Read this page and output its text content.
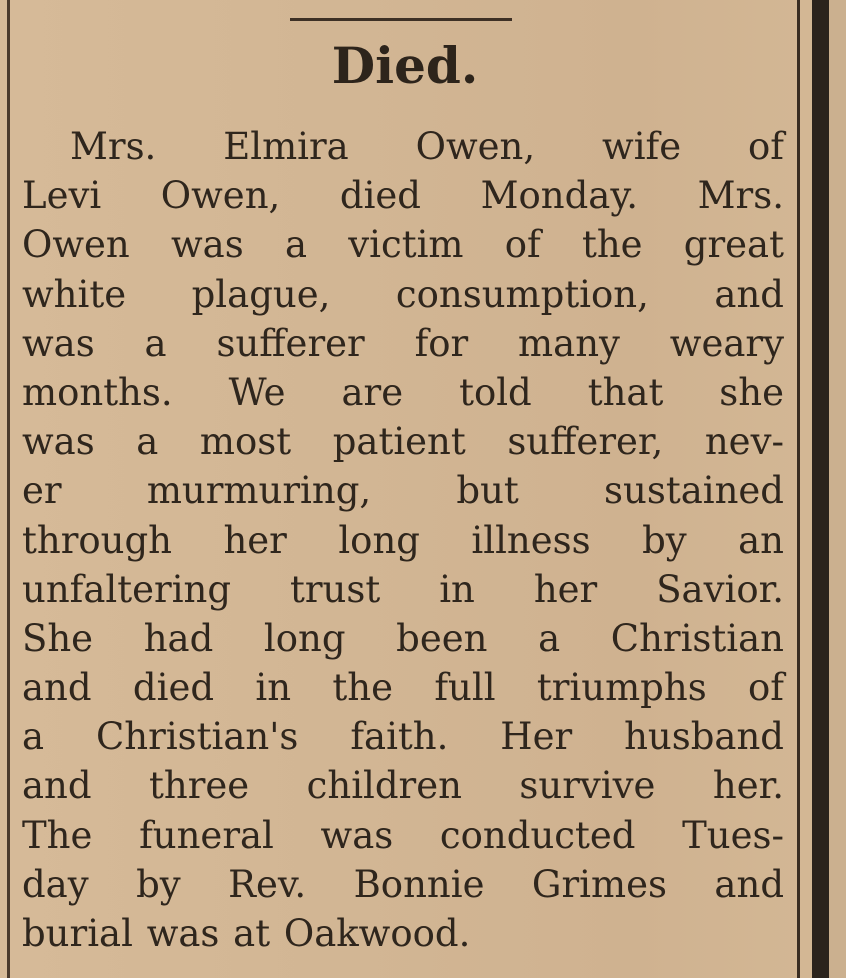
Died.
Mrs. Elmira Owen, wife of
Levi Owen, died Monday. Mrs.
Owen was a victim of the great
white plague, consumption, and
was a sufferer for many weary
months. We are told that she
was a most patient sufferer, nev-
er murmuring, but sustained
through her long illness by an
unfaltering trust in her Savior.
She had long been a Christian
and died in the full triumphs of
a Christian's faith. Her husband
and three children survive her.
The funeral was conducted Tues-
day by Rev. Bonnie Grimes and
burial was at Oakwood.
